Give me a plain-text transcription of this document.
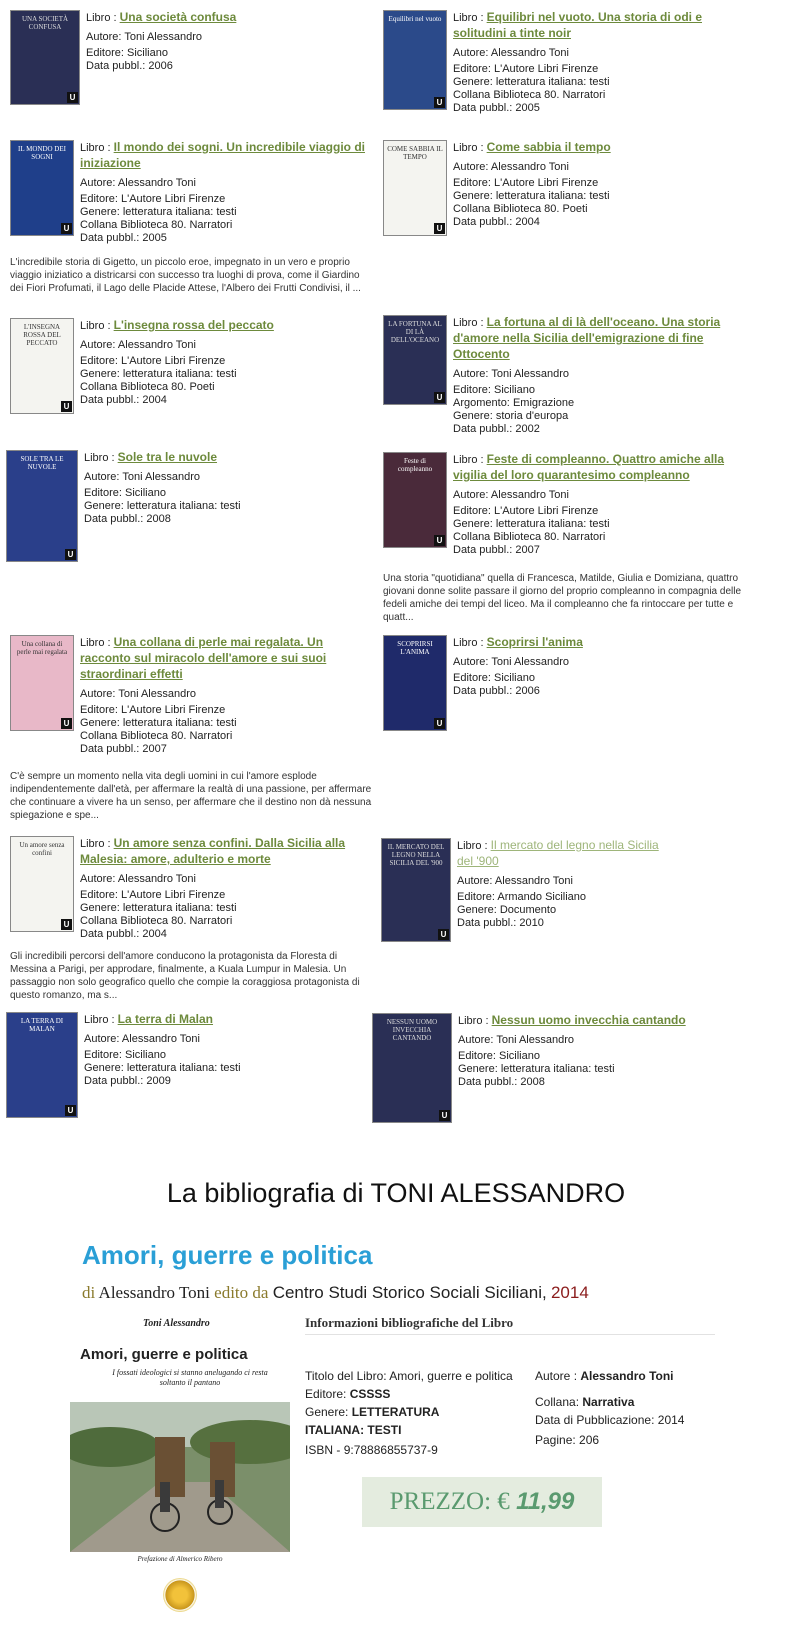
UNA SOCIETÀ CONFUSA
U
Libro : Una società confusa
Autore: Toni Alessandro
Editore: Siciliano
Data pubbl.: 2006
Equilibri nel vuoto
U
Libro : Equilibri nel vuoto. Una storia di odi e solitudini a tinte noir
Autore: Alessandro Toni
Editore: L'Autore Libri Firenze
Genere: letteratura italiana: testi
Collana Biblioteca 80. Narratori
Data pubbl.: 2005
IL MONDO DEI SOGNI
U
Libro : Il mondo dei sogni. Un incredibile viaggio di iniziazione
Autore: Alessandro Toni
Editore: L'Autore Libri Firenze
Genere: letteratura italiana: testi
Collana Biblioteca 80. Narratori
Data pubbl.: 2005
L'incredibile storia di Gigetto, un piccolo eroe, impegnato in un vero e proprio viaggio iniziatico a districarsi con successo tra luoghi di prova, come il Giardino dei Fiori Profumati, il Lago delle Placide Attese, l'Albero dei Frutti Condivisi, il ...
COME SABBIA IL TEMPO
U
Libro : Come sabbia il tempo
Autore: Alessandro Toni
Editore: L'Autore Libri Firenze
Genere: letteratura italiana: testi
Collana Biblioteca 80. Poeti
Data pubbl.: 2004
L'INSEGNA ROSSA DEL PECCATO
U
Libro : L'insegna rossa del peccato
Autore: Alessandro Toni
Editore: L'Autore Libri Firenze
Genere: letteratura italiana: testi
Collana Biblioteca 80. Poeti
Data pubbl.: 2004
LA FORTUNA AL DI LÀ DELL'OCEANO
U
Libro : La fortuna al di là dell'oceano. Una storia d'amore nella Sicilia dell'emigrazione di fine Ottocento
Autore: Toni Alessandro
Editore: Siciliano
Argomento: Emigrazione
Genere: storia d'europa
Data pubbl.: 2002
SOLE TRA LE NUVOLE
U
Libro : Sole tra le nuvole
Autore: Toni Alessandro
Editore: Siciliano
Genere: letteratura italiana: testi
Data pubbl.: 2008
Feste di compleanno
U
Libro : Feste di compleanno. Quattro amiche alla vigilia del loro quarantesimo compleanno
Autore: Alessandro Toni
Editore: L'Autore Libri Firenze
Genere: letteratura italiana: testi
Collana Biblioteca 80. Narratori
Data pubbl.: 2007
Una storia "quotidiana" quella di Francesca, Matilde, Giulia e Domiziana, quattro giovani donne solite passare il giorno del proprio compleanno in compagnia delle fedeli amiche dei tempi del liceo. Ma il compleanno che fa rintoccare per tutte e quatt...
Una collana di perle mai regalata
U
Libro : Una collana di perle mai regalata. Un racconto sul miracolo dell'amore e sui suoi straordinari effetti
Autore: Toni Alessandro
Editore: L'Autore Libri Firenze
Genere: letteratura italiana: testi
Collana Biblioteca 80. Narratori
Data pubbl.: 2007
C'è sempre un momento nella vita degli uomini in cui l'amore esplode indipendentemente dall'età, per affermare la realtà di una passione, per affermare che continuare a vivere ha un senso, per affermare che il destino non dà nessuna spiegazione e spe...
SCOPRIRSI L'ANIMA
U
Libro : Scoprirsi l'anima
Autore: Toni Alessandro
Editore: Siciliano
Data pubbl.: 2006
Un amore senza confini
U
Libro : Un amore senza confini. Dalla Sicilia alla Malesia: amore, adulterio e morte
Autore: Alessandro Toni
Editore: L'Autore Libri Firenze
Genere: letteratura italiana: testi
Collana Biblioteca 80. Narratori
Data pubbl.: 2004
Gli incredibili percorsi dell'amore conducono la protagonista da Floresta di Messina a Parigi, per approdare, finalmente, a Kuala Lumpur in Malesia. Un passaggio non solo geografico quello che compie la coraggiosa protagonista di questo romanzo, ma s...
IL MERCATO DEL LEGNO NELLA SICILIA DEL '900
U
Libro : Il mercato del legno nella Sicilia del '900
Autore: Alessandro Toni
Editore: Armando Siciliano
Genere: Documento
Data pubbl.: 2010
LA TERRA DI MALAN
U
Libro : La terra di Malan
Autore: Alessandro Toni
Editore: Siciliano
Genere: letteratura italiana: testi
Data pubbl.: 2009
NESSUN UOMO INVECCHIA CANTANDO
U
Libro : Nessun uomo invecchia cantando
Autore: Toni Alessandro
Editore: Siciliano
Genere: letteratura italiana: testi
Data pubbl.: 2008
La bibliografia di TONI ALESSANDRO
Amori, guerre e politica
di Alessandro Toni edito da Centro Studi Storico Sociali Siciliani, 2014
Toni Alessandro
Amori, guerre e politica
I fossati ideologici si stanno anelugando ci resta soltanto il pantano
Prefazione di Almerico Ribero
Informazioni bibliografiche del Libro
Titolo del Libro: Amori, guerre e politica
Editore: CSSSS
Genere: LETTERATURA
ITALIANA: TESTI
ISBN - 9:78886855737-9
Autore : Alessandro Toni
Collana: Narrativa
Data di Pubblicazione: 2014
Pagine: 206
PREZZO: € 11,99
